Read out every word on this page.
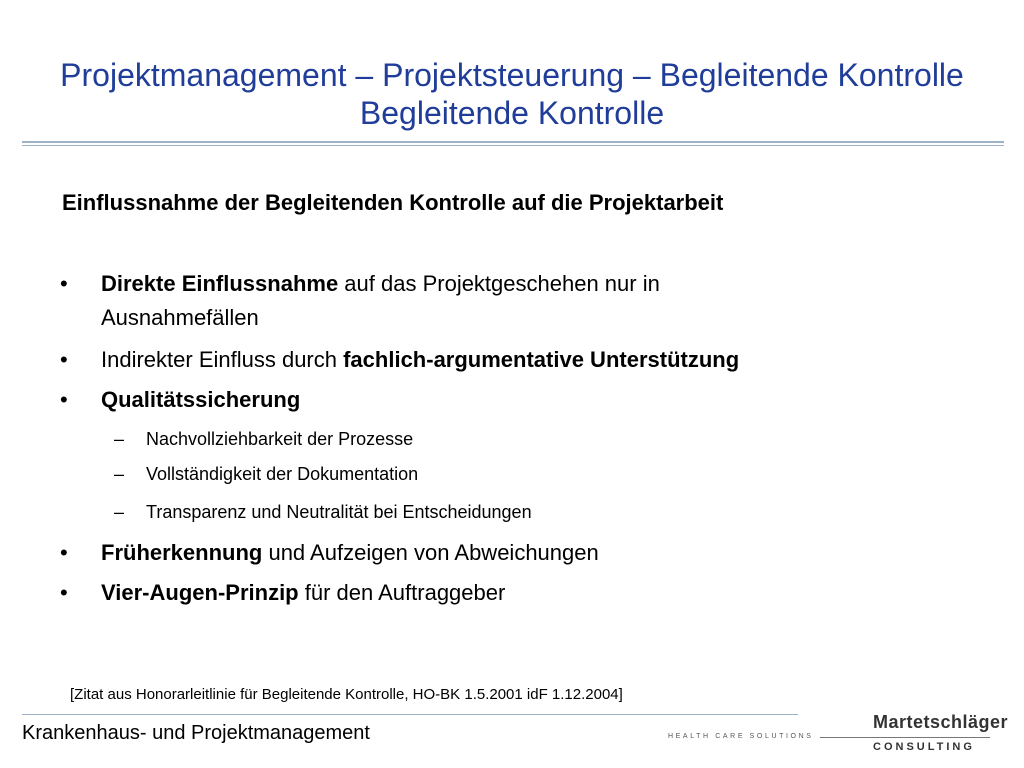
Projektmanagement – Projektsteuerung – Begleitende Kontrolle
Begleitende Kontrolle
Einflussnahme der Begleitenden Kontrolle auf die Projektarbeit
• Direkte Einflussnahme auf das Projektgeschehen nur in
Ausnahmefällen
• Indirekter Einfluss durch fachlich-argumentative Unterstützung
• Qualitätssicherung
– Nachvollziehbarkeit der Prozesse
– Vollständigkeit der Dokumentation
– Transparenz und Neutralität bei Entscheidungen
• Früherkennung und Aufzeigen von Abweichungen
• Vier-Augen-Prinzip für den Auftraggeber
[Zitat aus Honorarleitlinie für Begleitende Kontrolle, HO-BK 1.5.2001 idF 1.12.2004]
Krankenhaus- und Projektmanagement	HEALTH CARE SOLUTIONS
Martetschläger
CONSULTING
